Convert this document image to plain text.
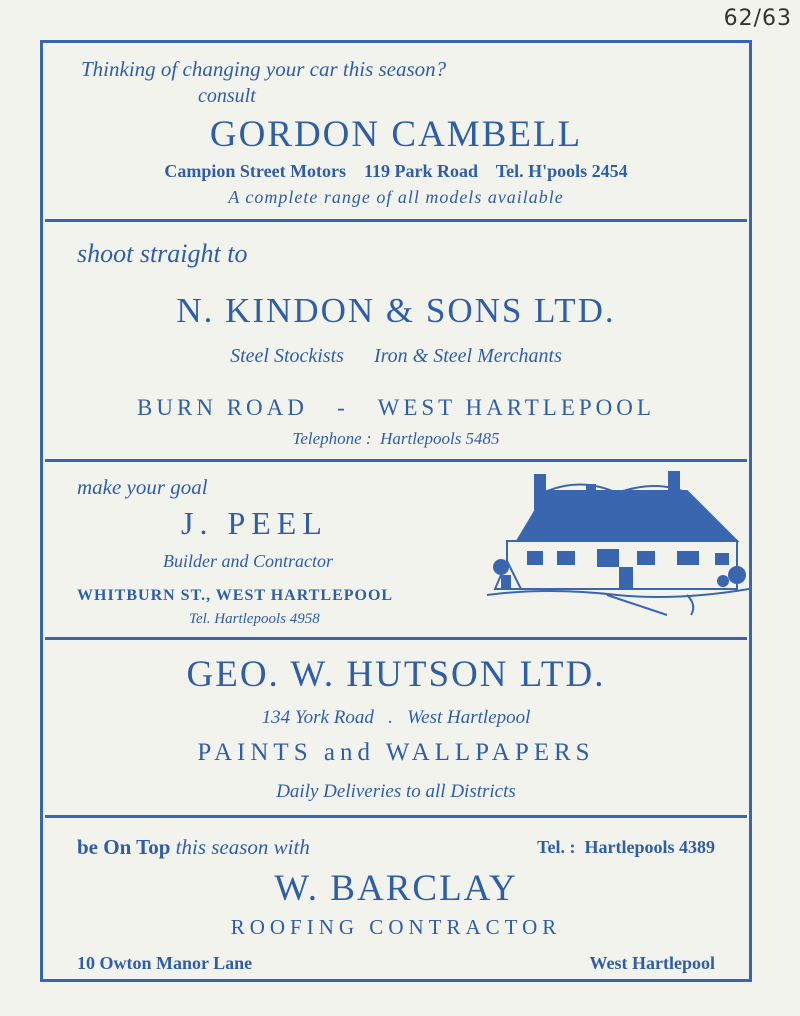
62/63
Thinking of changing your car this season?
consult
GORDON CAMBELL
Campion Street Motors    119 Park Road    Tel. H'pools 2454
A complete range of all models available
shoot straight to
N. KINDON & SONS LTD.
Steel Stockists      Iron & Steel Merchants
BURN ROAD   -   WEST HARTLEPOOL
Telephone :  Hartlepools 5485
make your goal
J. PEEL
Builder and Contractor
WHITBURN ST., WEST HARTLEPOOL
Tel. Hartlepools 4958
GEO. W. HUTSON LTD.
134 York Road   .   West Hartlepool
PAINTS and WALLPAPERS
Daily Deliveries to all Districts
be On Top this season with	Tel. :  Hartlepools 4389
W. BARCLAY
ROOFING CONTRACTOR
10 Owton Manor Lane	West Hartlepool
